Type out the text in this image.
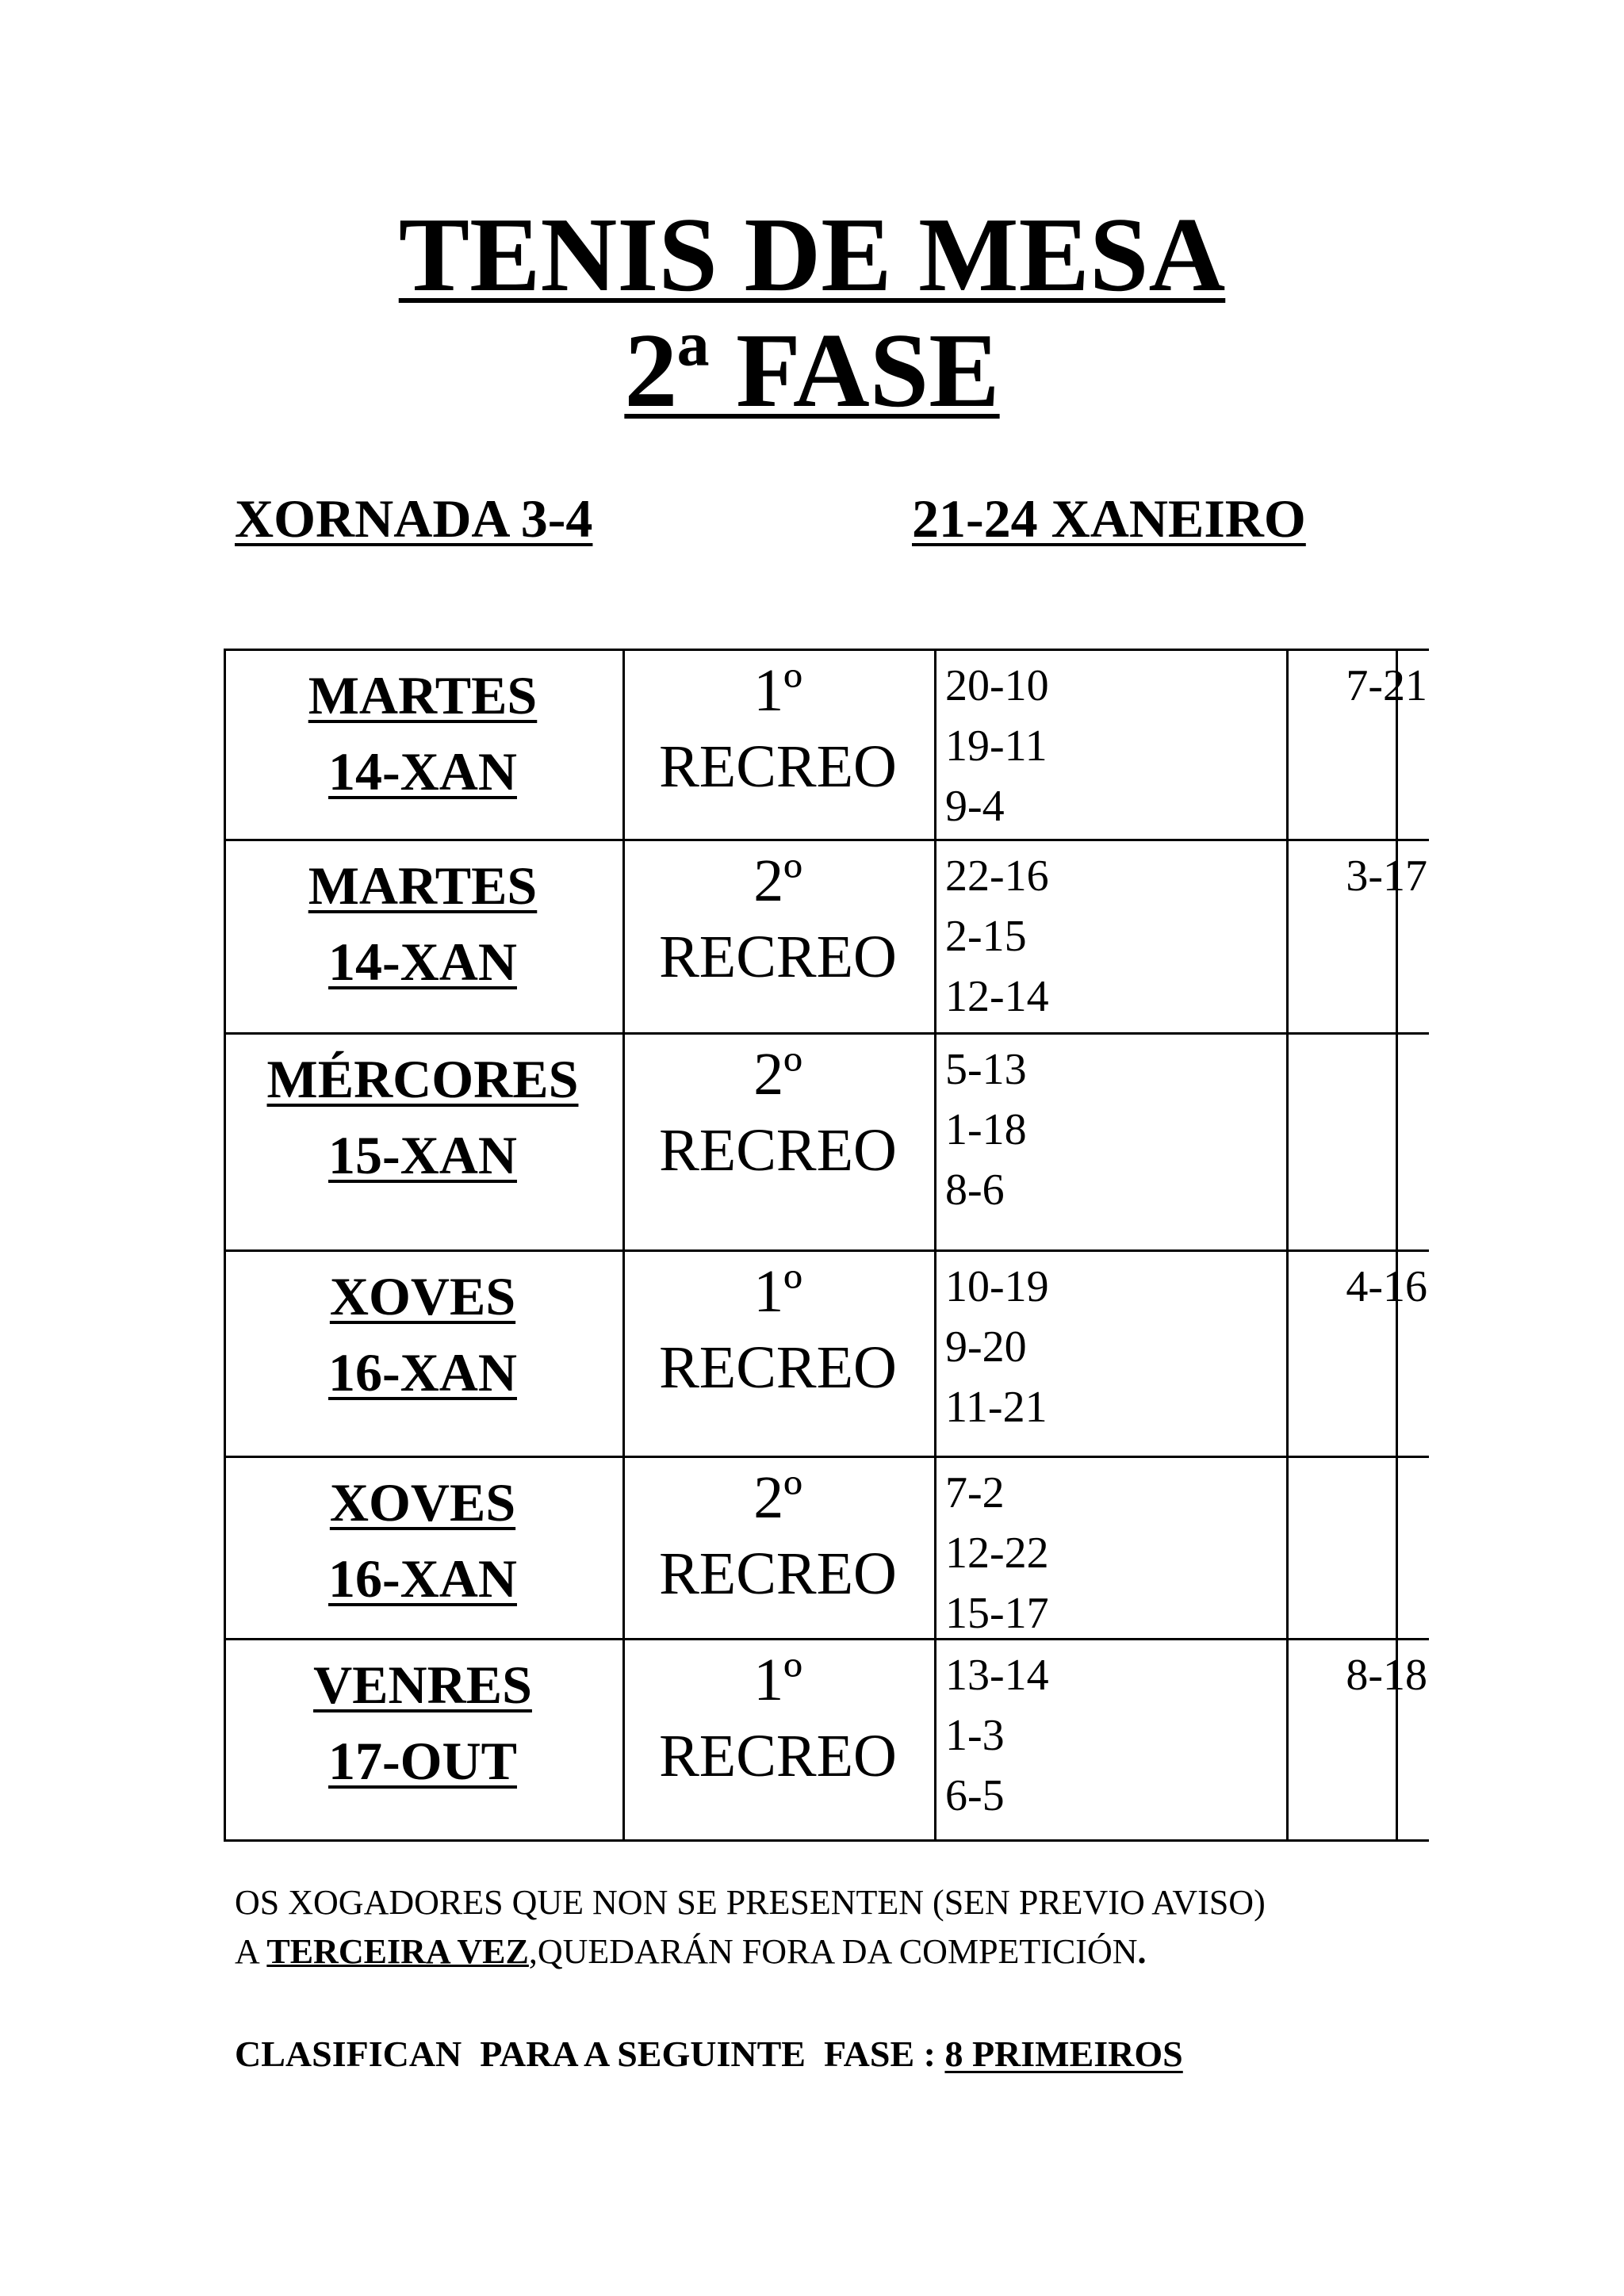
TENIS DE MESA
2ª FASE
XORNADA 3-4	21-24 XANEIRO
MARTES
14-XAN
1º
RECREO
20-10
19-11
9-4
7-21
MARTES
14-XAN
2º
RECREO
22-16
2-15
12-14
3-17
MÉRCORES
15-XAN
2º
RECREO
5-13
1-18
8-6
XOVES
16-XAN
1º
RECREO
10-19
9-20
11-21
4-16
XOVES
16-XAN
2º
RECREO
7-2
12-22
15-17
VENRES
17-OUT
1º
RECREO
13-14
1-3
6-5
8-18
OS XOGADORES QUE NON SE PRESENTEN (SEN PREVIO AVISO)
A TERCEIRA VEZ,QUEDARÁN FORA DA COMPETICIÓN.
CLASIFICAN  PARA A SEGUINTE  FASE : 8 PRIMEIROS
